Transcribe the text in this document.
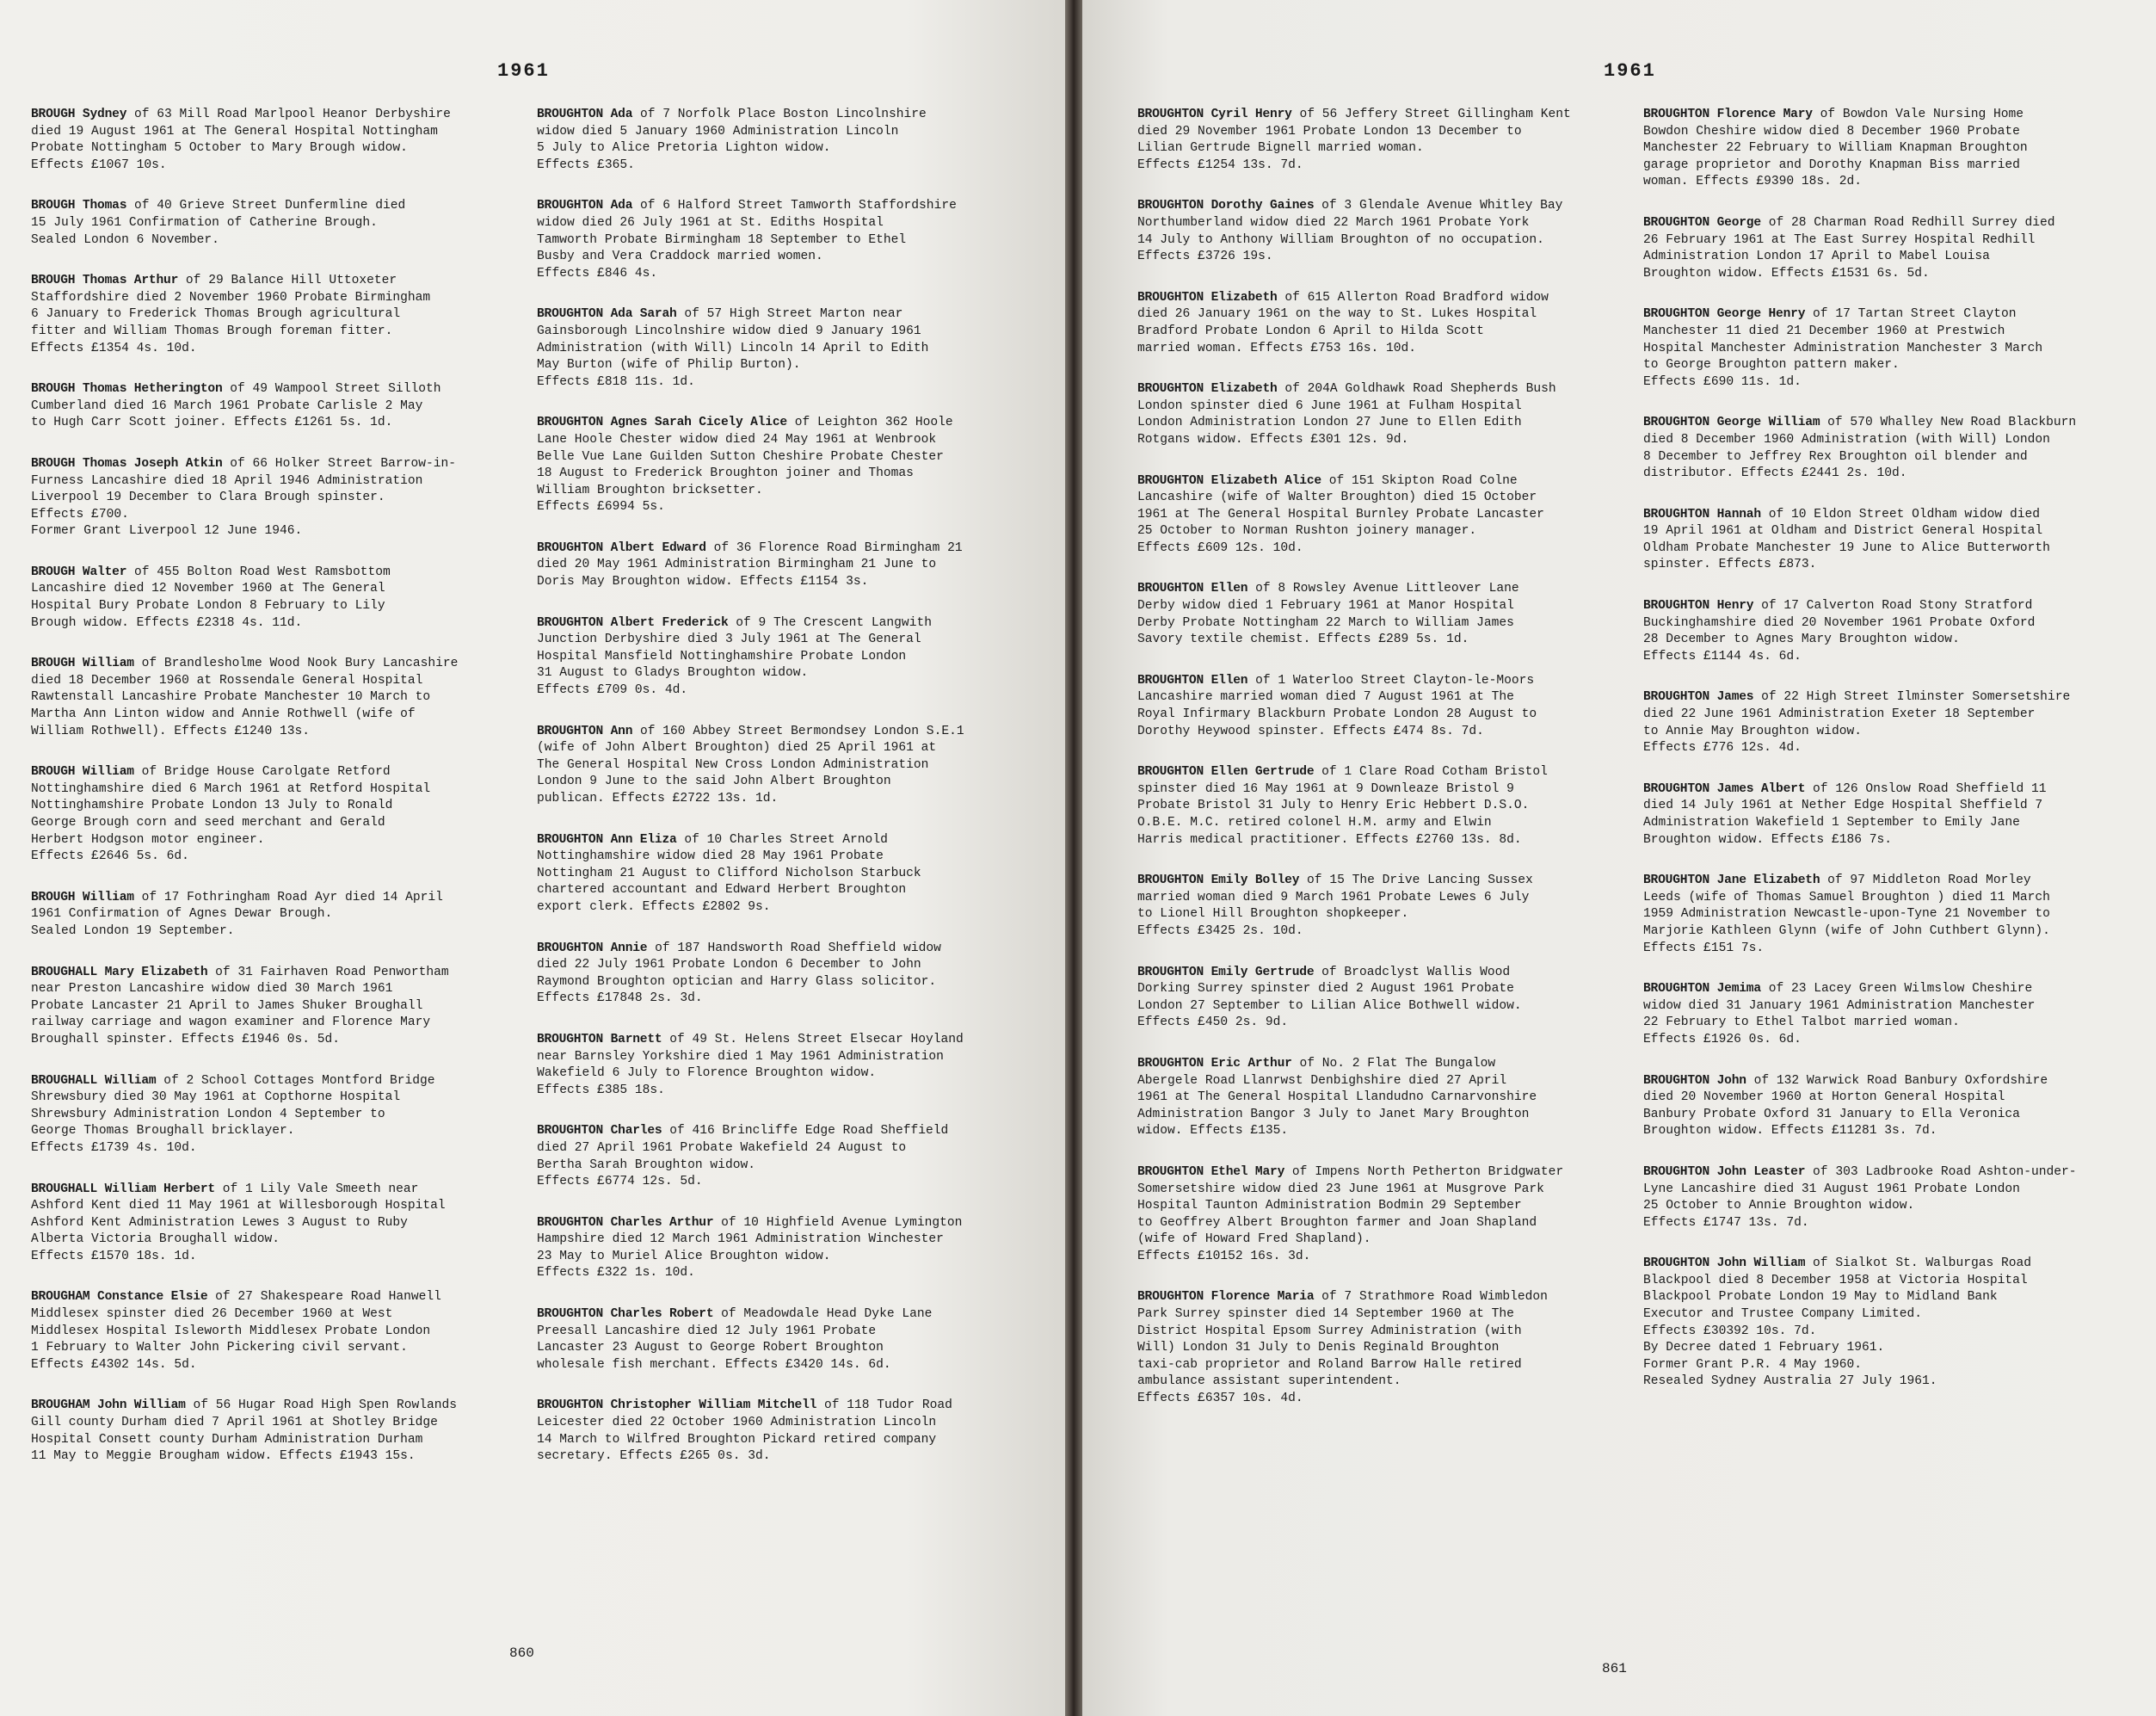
1961
BROUGH Sydney of 63 Mill Road Marlpool Heanor Derbyshire
died 19 August 1961 at The General Hospital Nottingham
Probate Nottingham 5 October to Mary Brough widow.
Effects £1067 10s.
BROUGH Thomas of 40 Grieve Street Dunfermline died
15 July 1961 Confirmation of Catherine Brough.
Sealed London 6 November.
BROUGH Thomas Arthur of 29 Balance Hill Uttoxeter
Staffordshire died 2 November 1960 Probate Birmingham
6 January to Frederick Thomas Brough agricultural
fitter and William Thomas Brough foreman fitter.
Effects £1354 4s. 10d.
BROUGH Thomas Hetherington of 49 Wampool Street Silloth
Cumberland died 16 March 1961 Probate Carlisle 2 May
to Hugh Carr Scott joiner. Effects £1261 5s. 1d.
BROUGH Thomas Joseph Atkin of 66 Holker Street Barrow-in-
Furness Lancashire died 18 April 1946 Administration
Liverpool 19 December to Clara Brough spinster.
Effects £700.
Former Grant Liverpool 12 June 1946.
BROUGH Walter of 455 Bolton Road West Ramsbottom
Lancashire died 12 November 1960 at The General
Hospital Bury Probate London 8 February to Lily
Brough widow. Effects £2318 4s. 11d.
BROUGH William of Brandlesholme Wood Nook Bury Lancashire
died 18 December 1960 at Rossendale General Hospital
Rawtenstall Lancashire Probate Manchester 10 March to
Martha Ann Linton widow and Annie Rothwell (wife of
William Rothwell). Effects £1240 13s.
BROUGH William of Bridge House Carolgate Retford
Nottinghamshire died 6 March 1961 at Retford Hospital
Nottinghamshire Probate London 13 July to Ronald
George Brough corn and seed merchant and Gerald
Herbert Hodgson motor engineer.
Effects £2646 5s. 6d.
BROUGH William of 17 Fothringham Road Ayr died 14 April
1961 Confirmation of Agnes Dewar Brough.
Sealed London 19 September.
BROUGHALL Mary Elizabeth of 31 Fairhaven Road Penwortham
near Preston Lancashire widow died 30 March 1961
Probate Lancaster 21 April to James Shuker Broughall
railway carriage and wagon examiner and Florence Mary
Broughall spinster. Effects £1946 0s. 5d.
BROUGHALL William of 2 School Cottages Montford Bridge
Shrewsbury died 30 May 1961 at Copthorne Hospital
Shrewsbury Administration London 4 September to
George Thomas Broughall bricklayer.
Effects £1739 4s. 10d.
BROUGHALL William Herbert of 1 Lily Vale Smeeth near
Ashford Kent died 11 May 1961 at Willesborough Hospital
Ashford Kent Administration Lewes 3 August to Ruby
Alberta Victoria Broughall widow.
Effects £1570 18s. 1d.
BROUGHAM Constance Elsie of 27 Shakespeare Road Hanwell
Middlesex spinster died 26 December 1960 at West
Middlesex Hospital Isleworth Middlesex Probate London
1 February to Walter John Pickering civil servant.
Effects £4302 14s. 5d.
BROUGHAM John William of 56 Hugar Road High Spen Rowlands
Gill county Durham died 7 April 1961 at Shotley Bridge
Hospital Consett county Durham Administration Durham
11 May to Meggie Brougham widow. Effects £1943 15s.
BROUGHTON Ada of 7 Norfolk Place Boston Lincolnshire
widow died 5 January 1960 Administration Lincoln
5 July to Alice Pretoria Lighton widow.
Effects £365.
BROUGHTON Ada of 6 Halford Street Tamworth Staffordshire
widow died 26 July 1961 at St. Ediths Hospital
Tamworth Probate Birmingham 18 September to Ethel
Busby and Vera Craddock married women.
Effects £846 4s.
BROUGHTON Ada Sarah of 57 High Street Marton near
Gainsborough Lincolnshire widow died 9 January 1961
Administration (with Will) Lincoln 14 April to Edith
May Burton (wife of Philip Burton).
Effects £818 11s. 1d.
BROUGHTON Agnes Sarah Cicely Alice of Leighton 362 Hoole
Lane Hoole Chester widow died 24 May 1961 at Wenbrook
Belle Vue Lane Guilden Sutton Cheshire Probate Chester
18 August to Frederick Broughton joiner and Thomas
William Broughton bricksetter.
Effects £6994 5s.
BROUGHTON Albert Edward of 36 Florence Road Birmingham 21
died 20 May 1961 Administration Birmingham 21 June to
Doris May Broughton widow. Effects £1154 3s.
BROUGHTON Albert Frederick of 9 The Crescent Langwith
Junction Derbyshire died 3 July 1961 at The General
Hospital Mansfield Nottinghamshire Probate London
31 August to Gladys Broughton widow.
Effects £709 0s. 4d.
BROUGHTON Ann of 160 Abbey Street Bermondsey London S.E.1
(wife of John Albert Broughton) died 25 April 1961 at
The General Hospital New Cross London Administration
London 9 June to the said John Albert Broughton
publican. Effects £2722 13s. 1d.
BROUGHTON Ann Eliza of 10 Charles Street Arnold
Nottinghamshire widow died 28 May 1961 Probate
Nottingham 21 August to Clifford Nicholson Starbuck
chartered accountant and Edward Herbert Broughton
export clerk. Effects £2802 9s.
BROUGHTON Annie of 187 Handsworth Road Sheffield widow
died 22 July 1961 Probate London 6 December to John
Raymond Broughton optician and Harry Glass solicitor.
Effects £17848 2s. 3d.
BROUGHTON Barnett of 49 St. Helens Street Elsecar Hoyland
near Barnsley Yorkshire died 1 May 1961 Administration
Wakefield 6 July to Florence Broughton widow.
Effects £385 18s.
BROUGHTON Charles of 416 Brincliffe Edge Road Sheffield
died 27 April 1961 Probate Wakefield 24 August to
Bertha Sarah Broughton widow.
Effects £6774 12s. 5d.
BROUGHTON Charles Arthur of 10 Highfield Avenue Lymington
Hampshire died 12 March 1961 Administration Winchester
23 May to Muriel Alice Broughton widow.
Effects £322 1s. 10d.
BROUGHTON Charles Robert of Meadowdale Head Dyke Lane
Preesall Lancashire died 12 July 1961 Probate
Lancaster 23 August to George Robert Broughton
wholesale fish merchant. Effects £3420 14s. 6d.
BROUGHTON Christopher William Mitchell of 118 Tudor Road
Leicester died 22 October 1960 Administration Lincoln
14 March to Wilfred Broughton Pickard retired company
secretary. Effects £265 0s. 3d.
860
1961
BROUGHTON Cyril Henry of 56 Jeffery Street Gillingham Kent
died 29 November 1961 Probate London 13 December to
Lilian Gertrude Bignell married woman.
Effects £1254 13s. 7d.
BROUGHTON Dorothy Gaines of 3 Glendale Avenue Whitley Bay
Northumberland widow died 22 March 1961 Probate York
14 July to Anthony William Broughton of no occupation.
Effects £3726 19s.
BROUGHTON Elizabeth of 615 Allerton Road Bradford widow
died 26 January 1961 on the way to St. Lukes Hospital
Bradford Probate London 6 April to Hilda Scott
married woman. Effects £753 16s. 10d.
BROUGHTON Elizabeth of 204A Goldhawk Road Shepherds Bush
London spinster died 6 June 1961 at Fulham Hospital
London Administration London 27 June to Ellen Edith
Rotgans widow. Effects £301 12s. 9d.
BROUGHTON Elizabeth Alice of 151 Skipton Road Colne
Lancashire (wife of Walter Broughton) died 15 October
1961 at The General Hospital Burnley Probate Lancaster
25 October to Norman Rushton joinery manager.
Effects £609 12s. 10d.
BROUGHTON Ellen of 8 Rowsley Avenue Littleover Lane
Derby widow died 1 February 1961 at Manor Hospital
Derby Probate Nottingham 22 March to William James
Savory textile chemist. Effects £289 5s. 1d.
BROUGHTON Ellen of 1 Waterloo Street Clayton-le-Moors
Lancashire married woman died 7 August 1961 at The
Royal Infirmary Blackburn Probate London 28 August to
Dorothy Heywood spinster. Effects £474 8s. 7d.
BROUGHTON Ellen Gertrude of 1 Clare Road Cotham Bristol
spinster died 16 May 1961 at 9 Downleaze Bristol 9
Probate Bristol 31 July to Henry Eric Hebbert D.S.O.
O.B.E. M.C. retired colonel H.M. army and Elwin
Harris medical practitioner. Effects £2760 13s. 8d.
BROUGHTON Emily Bolley of 15 The Drive Lancing Sussex
married woman died 9 March 1961 Probate Lewes 6 July
to Lionel Hill Broughton shopkeeper.
Effects £3425 2s. 10d.
BROUGHTON Emily Gertrude of Broadclyst Wallis Wood
Dorking Surrey spinster died 2 August 1961 Probate
London 27 September to Lilian Alice Bothwell widow.
Effects £450 2s. 9d.
BROUGHTON Eric Arthur of No. 2 Flat The Bungalow
Abergele Road Llanrwst Denbighshire died 27 April
1961 at The General Hospital Llandudno Carnarvonshire
Administration Bangor 3 July to Janet Mary Broughton
widow. Effects £135.
BROUGHTON Ethel Mary of Impens North Petherton Bridgwater
Somersetshire widow died 23 June 1961 at Musgrove Park
Hospital Taunton Administration Bodmin 29 September
to Geoffrey Albert Broughton farmer and Joan Shapland
(wife of Howard Fred Shapland).
Effects £10152 16s. 3d.
BROUGHTON Florence Maria of 7 Strathmore Road Wimbledon
Park Surrey spinster died 14 September 1960 at The
District Hospital Epsom Surrey Administration (with
Will) London 31 July to Denis Reginald Broughton
taxi-cab proprietor and Roland Barrow Halle retired
ambulance assistant superintendent.
Effects £6357 10s. 4d.
BROUGHTON Florence Mary of Bowdon Vale Nursing Home
Bowdon Cheshire widow died 8 December 1960 Probate
Manchester 22 February to William Knapman Broughton
garage proprietor and Dorothy Knapman Biss married
woman. Effects £9390 18s. 2d.
BROUGHTON George of 28 Charman Road Redhill Surrey died
26 February 1961 at The East Surrey Hospital Redhill
Administration London 17 April to Mabel Louisa
Broughton widow. Effects £1531 6s. 5d.
BROUGHTON George Henry of 17 Tartan Street Clayton
Manchester 11 died 21 December 1960 at Prestwich
Hospital Manchester Administration Manchester 3 March
to George Broughton pattern maker.
Effects £690 11s. 1d.
BROUGHTON George William of 570 Whalley New Road Blackburn
died 8 December 1960 Administration (with Will) London
8 December to Jeffrey Rex Broughton oil blender and
distributor. Effects £2441 2s. 10d.
BROUGHTON Hannah of 10 Eldon Street Oldham widow died
19 April 1961 at Oldham and District General Hospital
Oldham Probate Manchester 19 June to Alice Butterworth
spinster. Effects £873.
BROUGHTON Henry of 17 Calverton Road Stony Stratford
Buckinghamshire died 20 November 1961 Probate Oxford
28 December to Agnes Mary Broughton widow.
Effects £1144 4s. 6d.
BROUGHTON James of 22 High Street Ilminster Somersetshire
died 22 June 1961 Administration Exeter 18 September
to Annie May Broughton widow.
Effects £776 12s. 4d.
BROUGHTON James Albert of 126 Onslow Road Sheffield 11
died 14 July 1961 at Nether Edge Hospital Sheffield 7
Administration Wakefield 1 September to Emily Jane
Broughton widow. Effects £186 7s.
BROUGHTON Jane Elizabeth of 97 Middleton Road Morley
Leeds (wife of Thomas Samuel Broughton ) died 11 March
1959 Administration Newcastle-upon-Tyne 21 November to
Marjorie Kathleen Glynn (wife of John Cuthbert Glynn).
Effects £151 7s.
BROUGHTON Jemima of 23 Lacey Green Wilmslow Cheshire
widow died 31 January 1961 Administration Manchester
22 February to Ethel Talbot married woman.
Effects £1926 0s. 6d.
BROUGHTON John of 132 Warwick Road Banbury Oxfordshire
died 20 November 1960 at Horton General Hospital
Banbury Probate Oxford 31 January to Ella Veronica
Broughton widow. Effects £11281 3s. 7d.
BROUGHTON John Leaster of 303 Ladbrooke Road Ashton-under-
Lyne Lancashire died 31 August 1961 Probate London
25 October to Annie Broughton widow.
Effects £1747 13s. 7d.
BROUGHTON John William of Sialkot St. Walburgas Road
Blackpool died 8 December 1958 at Victoria Hospital
Blackpool Probate London 19 May to Midland Bank
Executor and Trustee Company Limited.
Effects £30392 10s. 7d.
By Decree dated 1 February 1961.
Former Grant P.R. 4 May 1960.
Resealed Sydney Australia 27 July 1961.
861
